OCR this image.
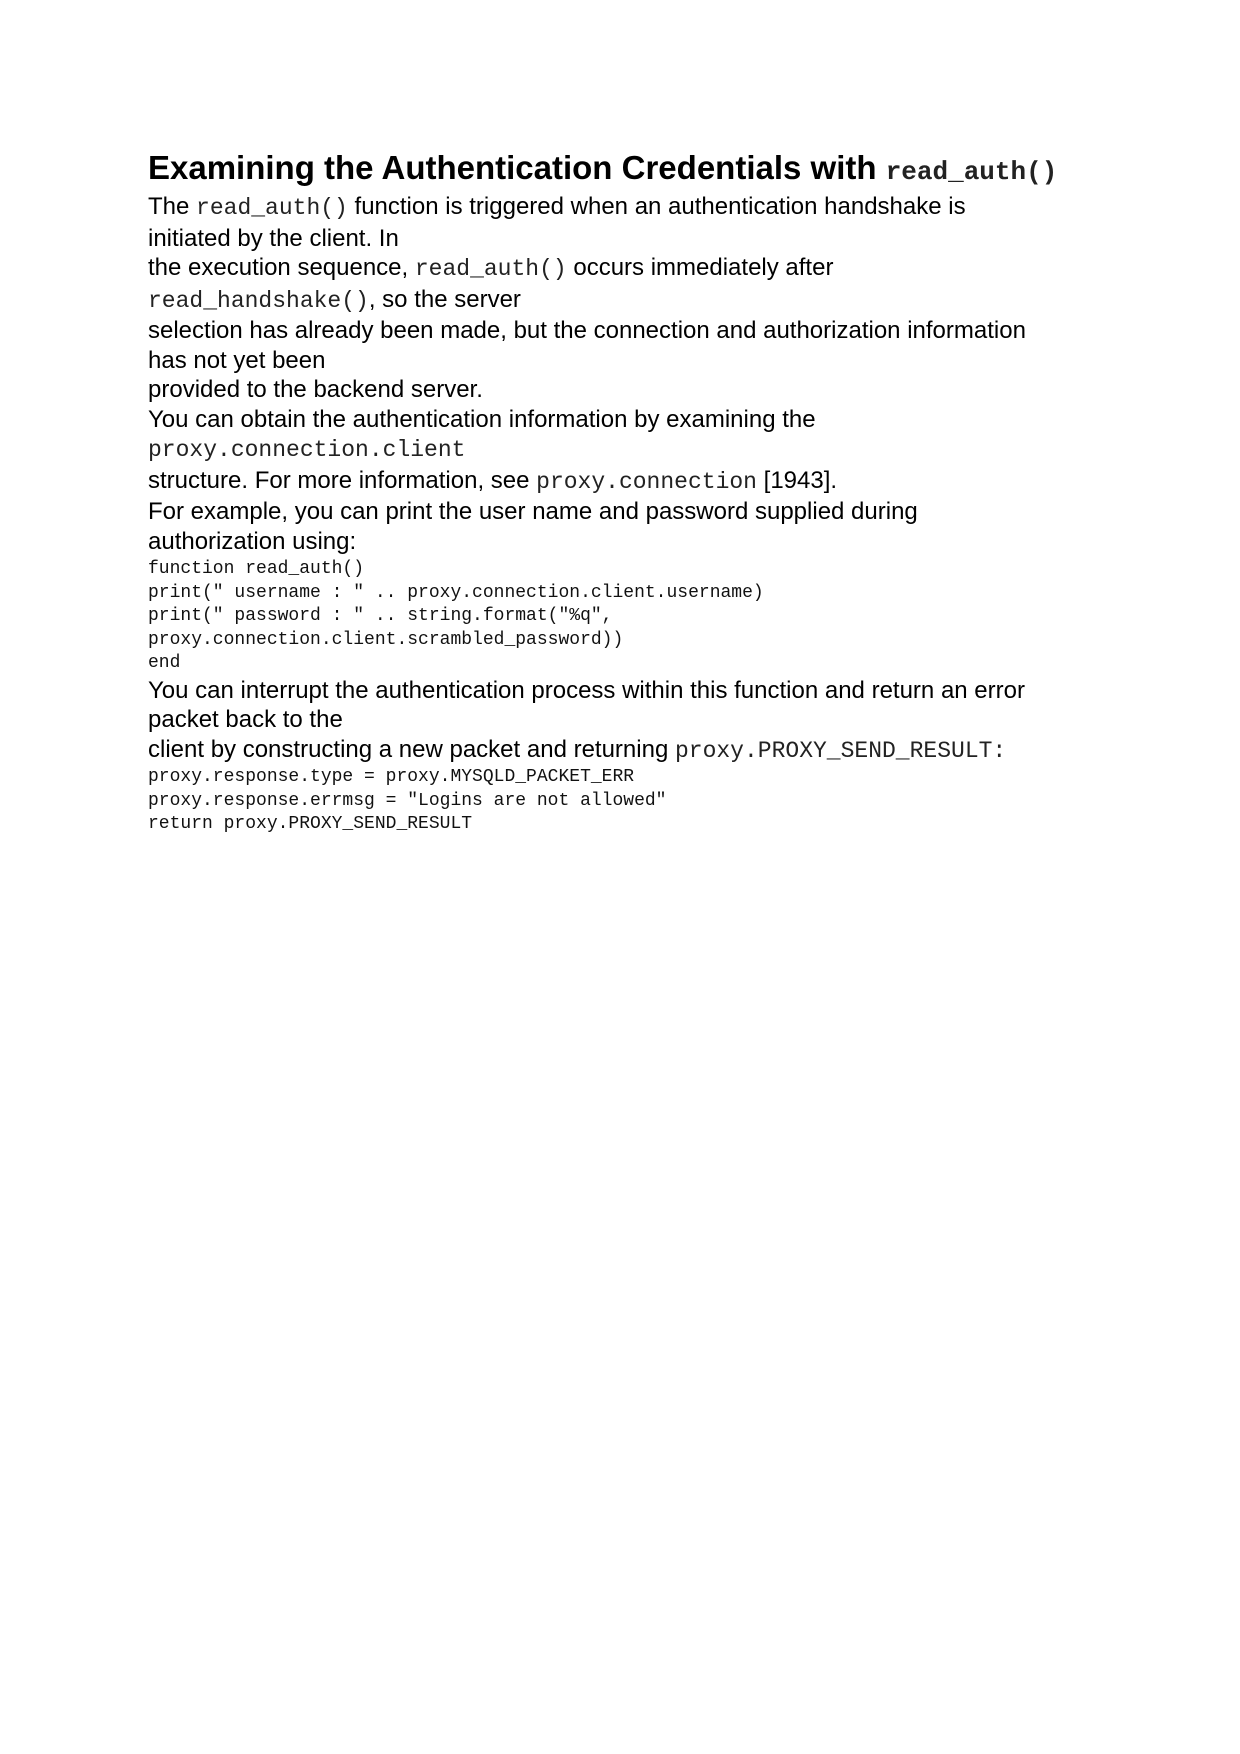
Examining the Authentication Credentials with read_auth()
The read_auth() function is triggered when an authentication handshake is
initiated by the client. In
the execution sequence, read_auth() occurs immediately after
read_handshake(), so the server
selection has already been made, but the connection and authorization information
has not yet been
provided to the backend server.
You can obtain the authentication information by examining the
proxy.connection.client
structure. For more information, see proxy.connection [1943].
For example, you can print the user name and password supplied during
authorization using:
function read_auth()
print(" username : " .. proxy.connection.client.username)
print(" password : " .. string.format("%q",
proxy.connection.client.scrambled_password))
end
You can interrupt the authentication process within this function and return an error
packet back to the
client by constructing a new packet and returning proxy.PROXY_SEND_RESULT:
proxy.response.type = proxy.MYSQLD_PACKET_ERR
proxy.response.errmsg = "Logins are not allowed"
return proxy.PROXY_SEND_RESULT
